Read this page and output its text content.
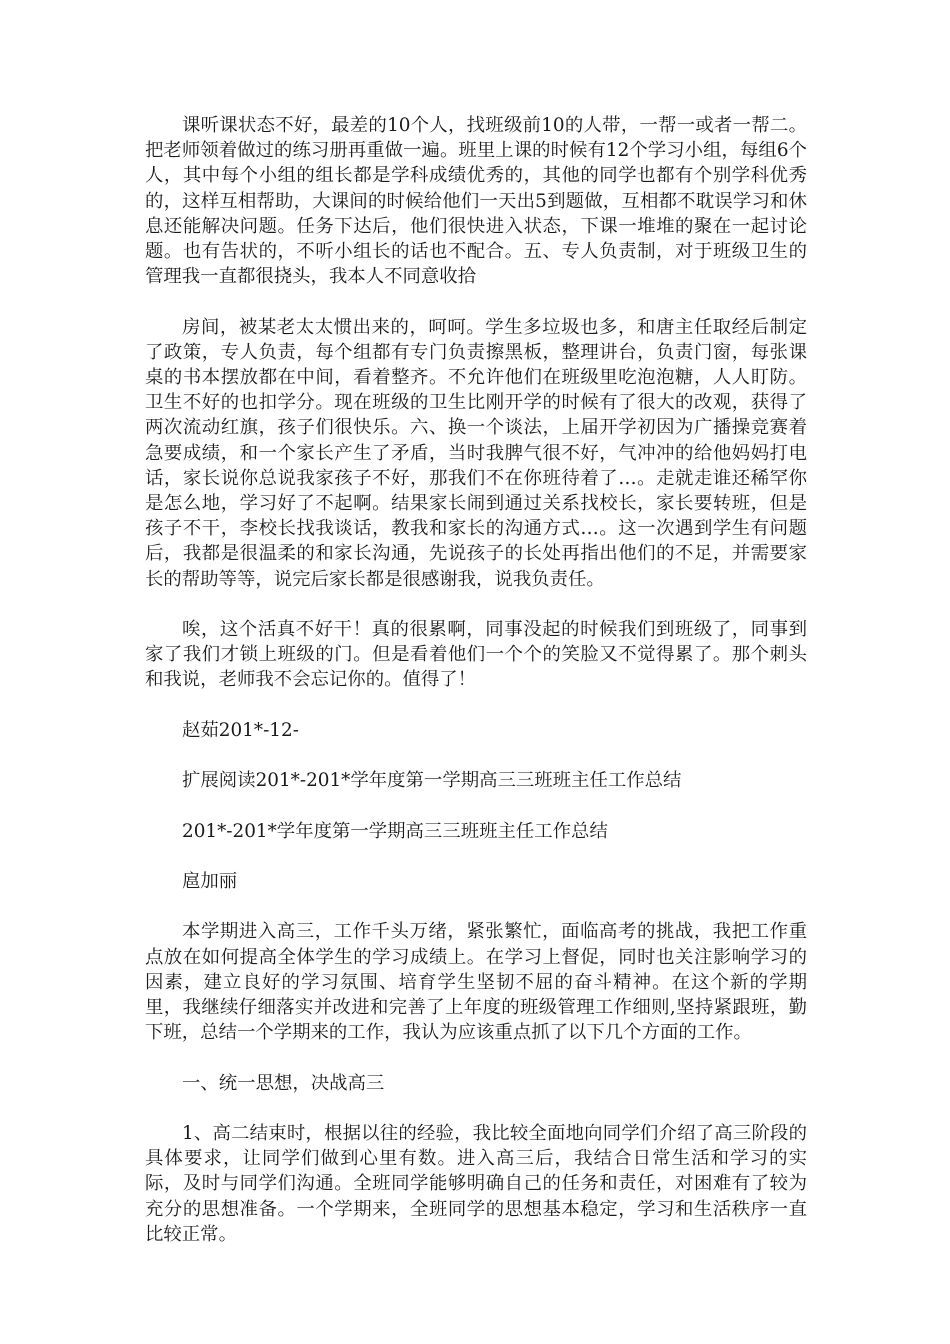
课听课状态不好，最差的10个人，找班级前10的人带，一帮一或者一帮二。把老师领着做过的练习册再重做一遍。班里上课的时候有12个学习小组，每组6个人，其中每个小组的组长都是学科成绩优秀的，其他的同学也都有个别学科优秀的，这样互相帮助，大课间的时候给他们一天出5到题做，互相都不耽误学习和休息还能解决问题。任务下达后，他们很快进入状态，下课一堆堆的聚在一起讨论题。也有告状的，不听小组长的话也不配合。五、专人负责制，对于班级卫生的管理我一直都很挠头，我本人不同意收拾

房间，被某老太太惯出来的，呵呵。学生多垃圾也多，和唐主任取经后制定了政策，专人负责，每个组都有专门负责擦黑板，整理讲台，负责门窗，每张课桌的书本摆放都在中间，看着整齐。不允许他们在班级里吃泡泡糖，人人盯防。卫生不好的也扣学分。现在班级的卫生比刚开学的时候有了很大的改观，获得了两次流动红旗，孩子们很快乐。六、换一个谈法，上届开学初因为广播操竞赛着急要成绩，和一个家长产生了矛盾，当时我脾气很不好，气冲冲的给他妈妈打电话，家长说你总说我家孩子不好，那我们不在你班待着了…。走就走谁还稀罕你是怎么地，学习好了不起啊。结果家长闹到通过关系找校长，家长要转班，但是孩子不干，李校长找我谈话，教我和家长的沟通方式…。这一次遇到学生有问题后，我都是很温柔的和家长沟通，先说孩子的长处再指出他们的不足，并需要家长的帮助等等，说完后家长都是很感谢我，说我负责任。

唉，这个活真不好干！真的很累啊，同事没起的时候我们到班级了，同事到家了我们才锁上班级的门。但是看着他们一个个的笑脸又不觉得累了。那个刺头和我说，老师我不会忘记你的。值得了！

赵茹201*-12-

扩展阅读201*-201*学年度第一学期高三三班班主任工作总结

201*-201*学年度第一学期高三三班班主任工作总结

扈加丽

本学期进入高三，工作千头万绪，紧张繁忙，面临高考的挑战，我把工作重点放在如何提高全体学生的学习成绩上。在学习上督促，同时也关注影响学习的因素，建立良好的学习氛围、培育学生坚韧不屈的奋斗精神。在这个新的学期里，我继续仔细落实并改进和完善了上年度的班级管理工作细则,坚持紧跟班，勤下班，总结一个学期来的工作，我认为应该重点抓了以下几个方面的工作。

一、统一思想，决战高三

1、高二结束时，根据以往的经验，我比较全面地向同学们介绍了高三阶段的具体要求，让同学们做到心里有数。进入高三后，我结合日常生活和学习的实际，及时与同学们沟通。全班同学能够明确自己的任务和责任，对困难有了较为充分的思想准备。一个学期来，全班同学的思想基本稳定，学习和生活秩序一直比较正常。
